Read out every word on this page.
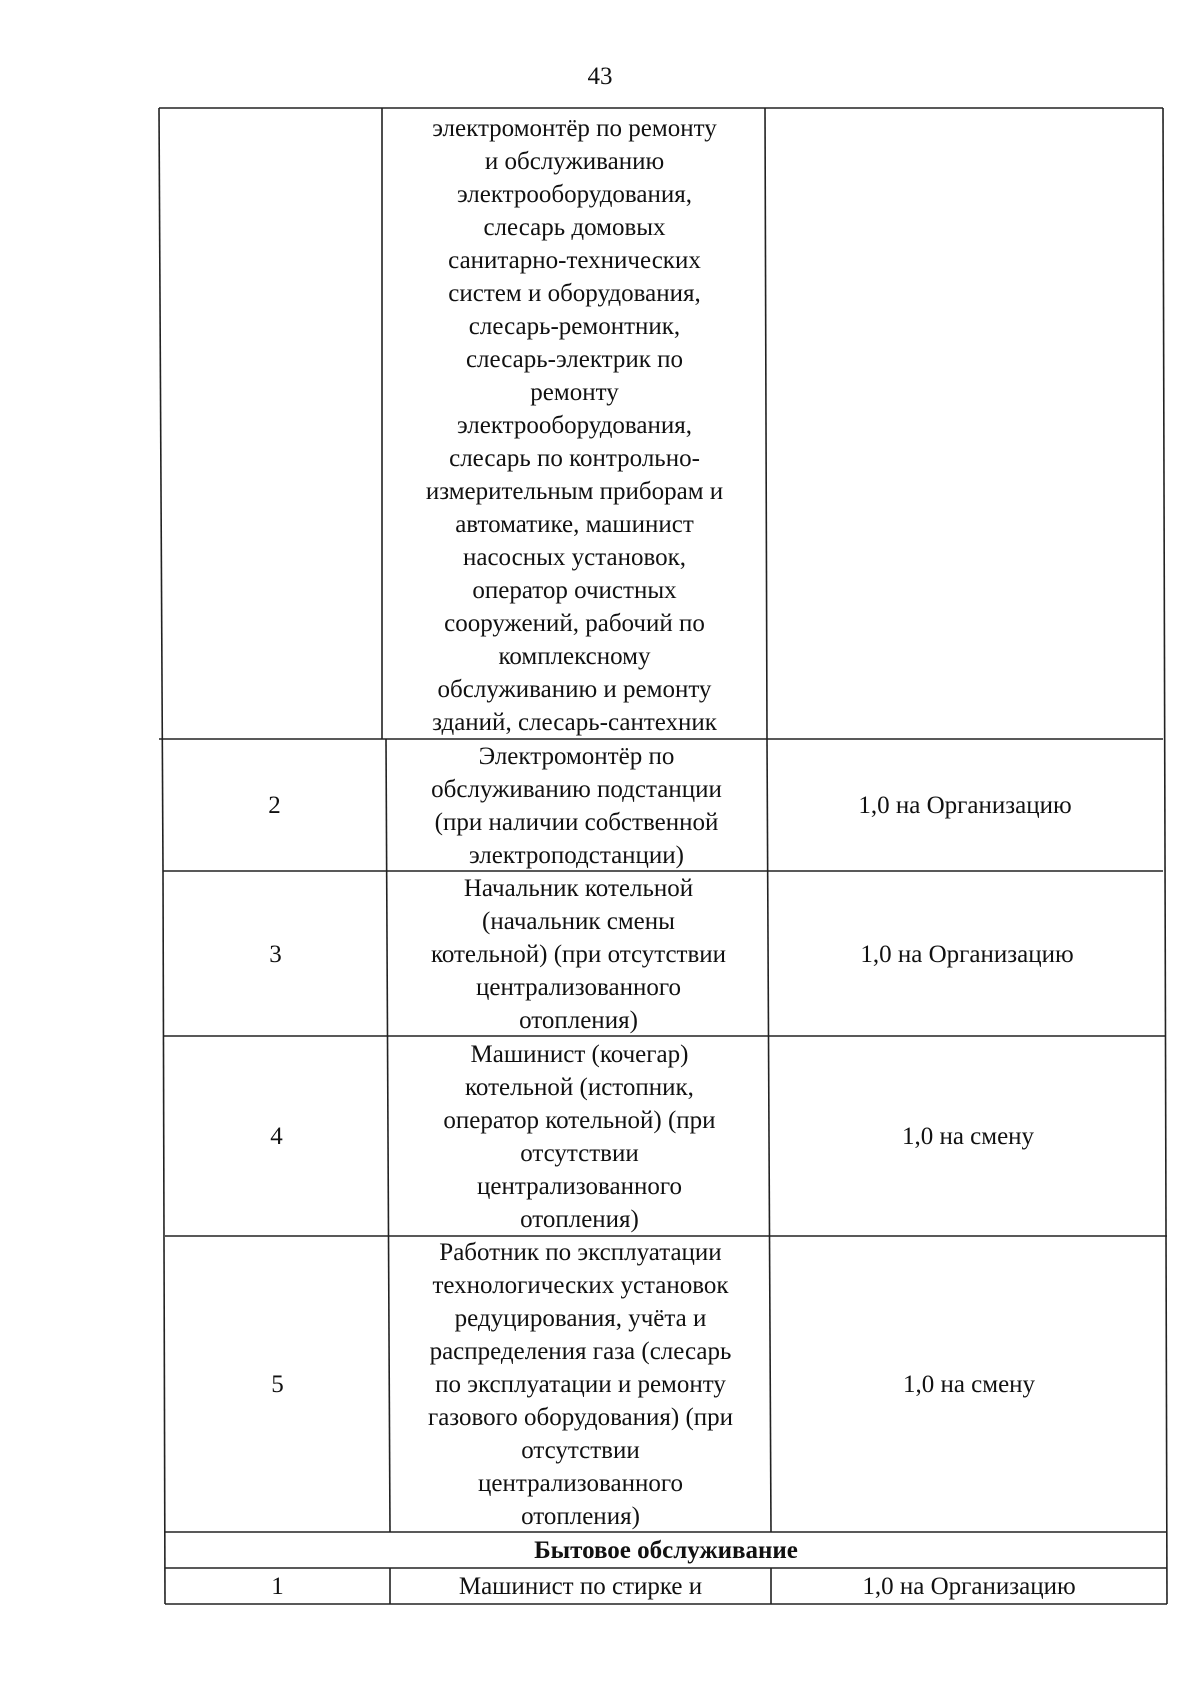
43
электромонтёр по ремонту
и обслуживанию
электрооборудования,
слесарь домовых
санитарно-технических
систем и оборудования,
слесарь-ремонтник,
слесарь-электрик по
ремонту
электрооборудования,
слесарь по контрольно-
измерительным приборам и
автоматике, машинист
насосных установок,
оператор очистных
сооружений, рабочий по
комплексному
обслуживанию и ремонту
зданий, слесарь-сантехник
2
Электромонтёр по
обслуживанию подстанции
(при наличии собственной
электроподстанции)
1,0 на Организацию
3
Начальник котельной
(начальник смены
котельной) (при отсутствии
централизованного
отопления)
1,0 на Организацию
4
Машинист (кочегар)
котельной (истопник,
оператор котельной) (при
отсутствии
централизованного
отопления)
1,0 на смену
5
Работник по эксплуатации
технологических установок
редуцирования, учёта и
распределения газа (слесарь
по эксплуатации и ремонту
газового оборудования) (при
отсутствии
централизованного
отопления)
1,0 на смену
Бытовое обслуживание
1	Машинист по стирке и	1,0 на Организацию
